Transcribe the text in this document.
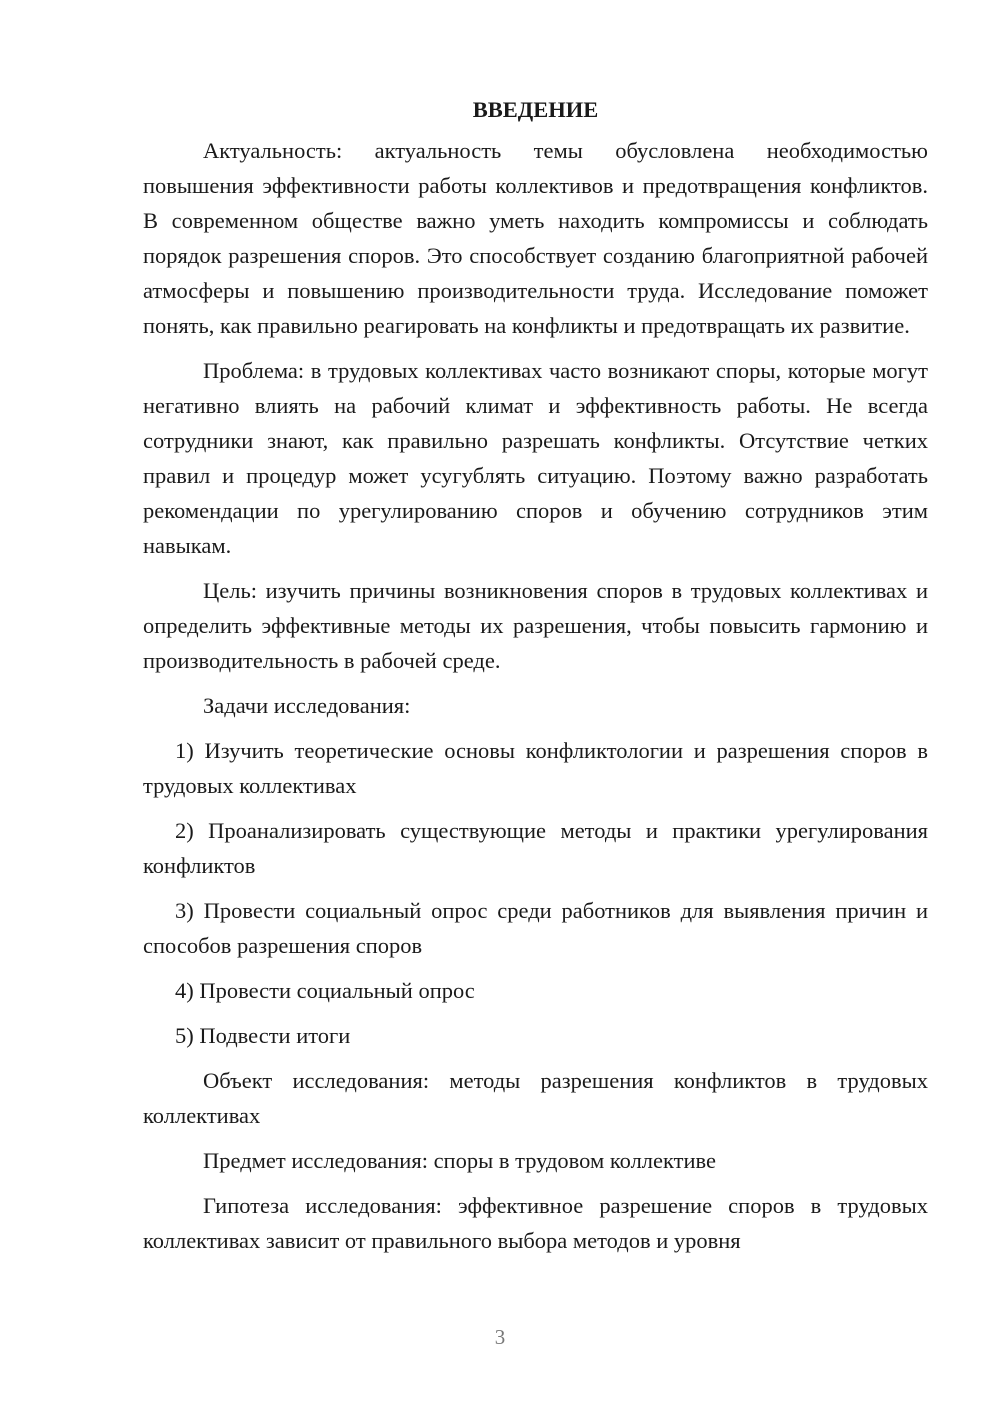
ВВЕДЕНИЕ

Актуальность: актуальность темы обусловлена необходимостью повышения эффективности работы коллективов и предотвращения конфликтов. В современном обществе важно уметь находить компромиссы и соблюдать порядок разрешения споров. Это способствует созданию благоприятной рабочей атмосферы и повышению производительности труда. Исследование поможет понять, как правильно реагировать на конфликты и предотвращать их развитие.

Проблема: в трудовых коллективах часто возникают споры, которые могут негативно влиять на рабочий климат и эффективность работы. Не всегда сотрудники знают, как правильно разрешать конфликты. Отсутствие четких правил и процедур может усугублять ситуацию. Поэтому важно разработать рекомендации по урегулированию споров и обучению сотрудников этим навыкам.

Цель: изучить причины возникновения споров в трудовых коллективах и определить эффективные методы их разрешения, чтобы повысить гармонию и производительность в рабочей среде.

Задачи исследования:

1) Изучить теоретические основы конфликтологии и разрешения споров в трудовых коллективах

2) Проанализировать существующие методы и практики урегулирования конфликтов

3) Провести социальный опрос среди работников для выявления причин и способов разрешения споров

4) Провести социальный опрос

5) Подвести итоги

Объект исследования: методы разрешения конфликтов в трудовых коллективах

Предмет исследования: споры в трудовом коллективе

Гипотеза исследования: эффективное разрешение споров в трудовых коллективах зависит от правильного выбора методов и уровня

3
